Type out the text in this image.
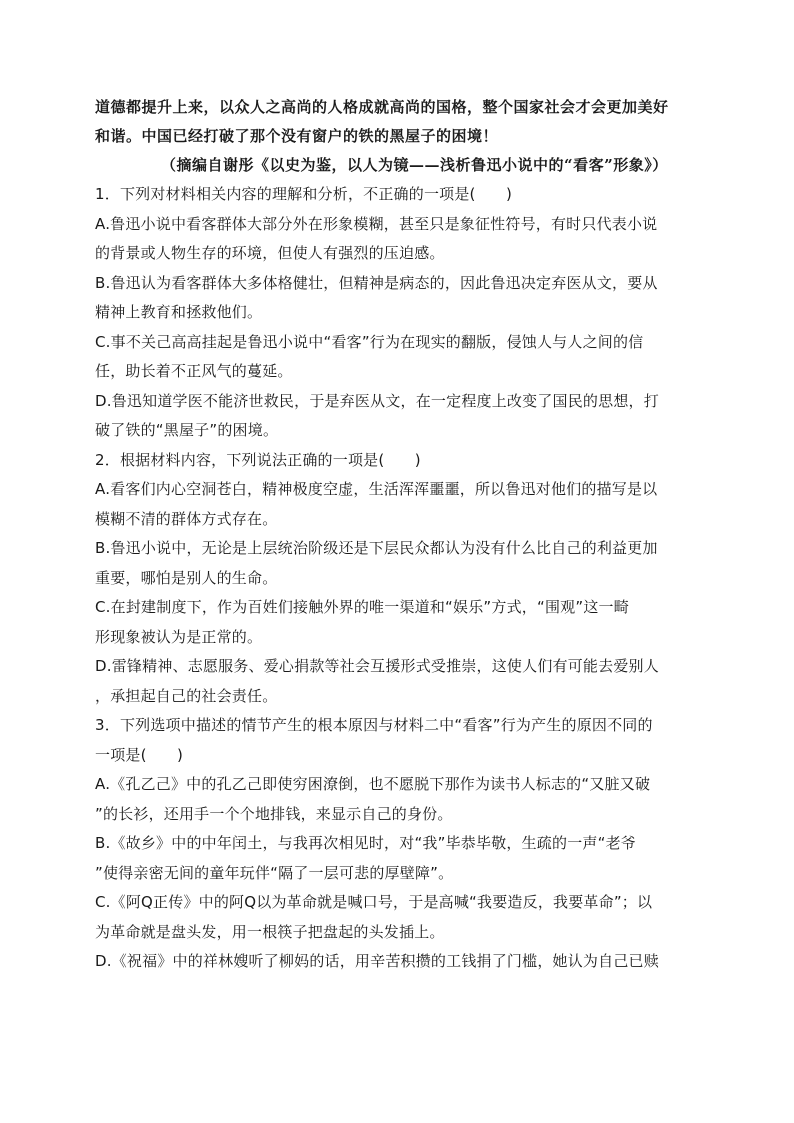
道德都提升上来，以众人之高尚的人格成就高尚的国格，整个国家社会才会更加美好
和谐。中国已经打破了那个没有窗户的铁的黑屋子的困境！
（摘编自谢彤《以史为鉴，以人为镜——浅析鲁迅小说中的“看客”形象》）
1．下列对材料相关内容的理解和分析，不正确的一项是(　　)
A.鲁迅小说中看客群体大部分外在形象模糊，甚至只是象征性符号，有时只代表小说
的背景或人物生存的环境，但使人有强烈的压迫感。
B.鲁迅认为看客群体大多体格健壮，但精神是病态的，因此鲁迅决定弃医从文，要从
精神上教育和拯救他们。
C.事不关己高高挂起是鲁迅小说中“看客”行为在现实的翻版，侵蚀人与人之间的信
任，助长着不正风气的蔓延。
D.鲁迅知道学医不能济世救民，于是弃医从文，在一定程度上改变了国民的思想，打
破了铁的“黑屋子”的困境。
2．根据材料内容，下列说法正确的一项是(　　)
A.看客们内心空洞苍白，精神极度空虚，生活浑浑噩噩，所以鲁迅对他们的描写是以
模糊不清的群体方式存在。
B.鲁迅小说中，无论是上层统治阶级还是下层民众都认为没有什么比自己的利益更加
重要，哪怕是别人的生命。
C.在封建制度下，作为百姓们接触外界的唯一渠道和“娱乐”方式，“围观”这一畸
形现象被认为是正常的。
D.雷锋精神、志愿服务、爱心捐款等社会互援形式受推崇，这使人们有可能去爱别人
，承担起自己的社会责任。
3．下列选项中描述的情节产生的根本原因与材料二中“看客”行为产生的原因不同的
一项是(　　)
A.《孔乙己》中的孔乙己即使穷困潦倒，也不愿脱下那作为读书人标志的“又脏又破
”的长衫，还用手一个个地排钱，来显示自己的身份。
B.《故乡》中的中年闰土，与我再次相见时，对“我”毕恭毕敬，生疏的一声“老爷
”使得亲密无间的童年玩伴“隔了一层可悲的厚壁障”。
C.《阿Q正传》中的阿Q以为革命就是喊口号，于是高喊“我要造反，我要革命”；以
为革命就是盘头发，用一根筷子把盘起的头发插上。
D.《祝福》中的祥林嫂听了柳妈的话，用辛苦积攒的工钱捐了门槛，她认为自己已赎
